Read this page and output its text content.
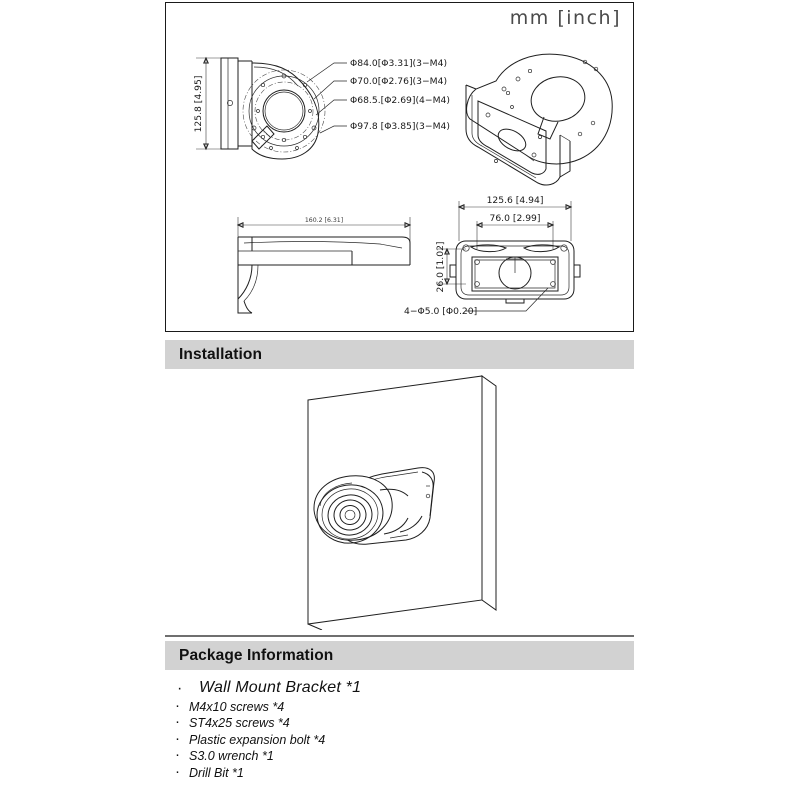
mm [inch]
125.8 [4.95]
Φ84.0[Φ3.31](3−M4)
Φ70.0[Φ2.76](3−M4)
Φ68.5.[Φ2.69](4−M4)
Φ97.8 [Φ3.85](3−M4)
160.2 [6.31]
125.6 [4.94]
76.0 [2.99]
26.0 [1.02]
4−Φ5.0 [Φ0.20]
Installation
Package Information
· Wall Mount Bracket *1
· M4x10 screws *4
· ST4x25 screws *4
· Plastic expansion bolt *4
· S3.0 wrench *1
· Drill Bit *1
